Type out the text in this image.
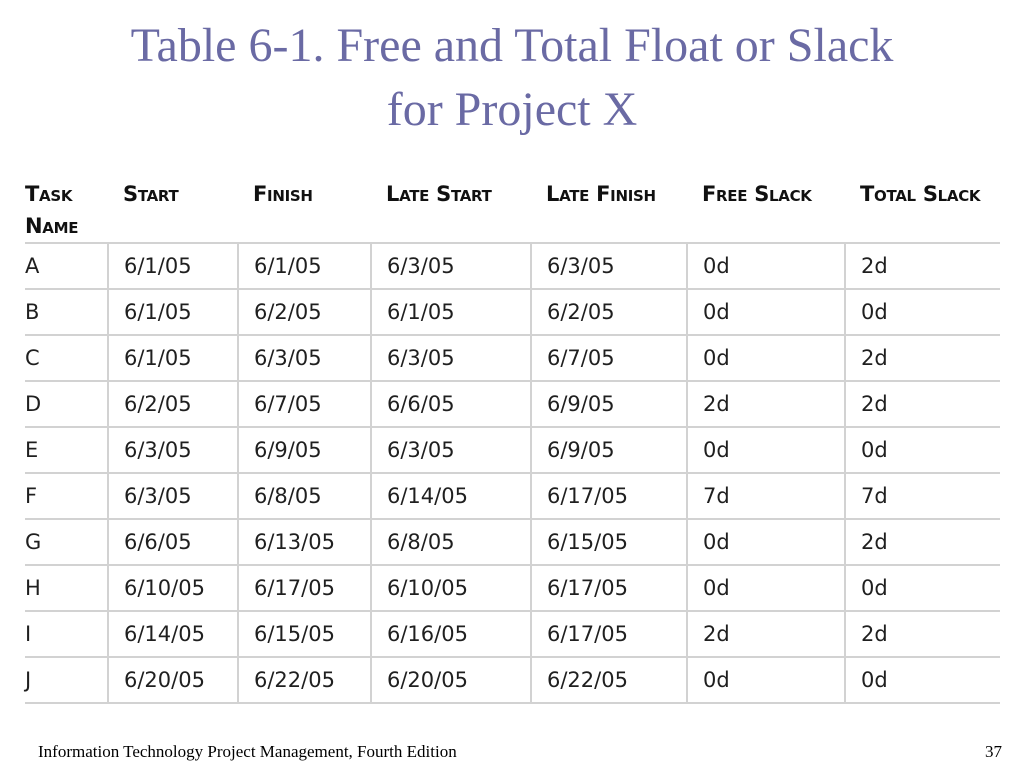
Table 6-1. Free and Total Float or Slack
for Project X
Task
Name	Start	Finish	Late Start	Late Finish	Free Slack	Total Slack

A	6/1/05	6/1/05	6/3/05	6/3/05	0d	2d
B	6/1/05	6/2/05	6/1/05	6/2/05	0d	0d
C	6/1/05	6/3/05	6/3/05	6/7/05	0d	2d
D	6/2/05	6/7/05	6/6/05	6/9/05	2d	2d
E	6/3/05	6/9/05	6/3/05	6/9/05	0d	0d
F	6/3/05	6/8/05	6/14/05	6/17/05	7d	7d
G	6/6/05	6/13/05	6/8/05	6/15/05	0d	2d
H	6/10/05	6/17/05	6/10/05	6/17/05	0d	0d
I	6/14/05	6/15/05	6/16/05	6/17/05	2d	2d
J	6/20/05	6/22/05	6/20/05	6/22/05	0d	0d
Information Technology Project Management, Fourth Edition	37
